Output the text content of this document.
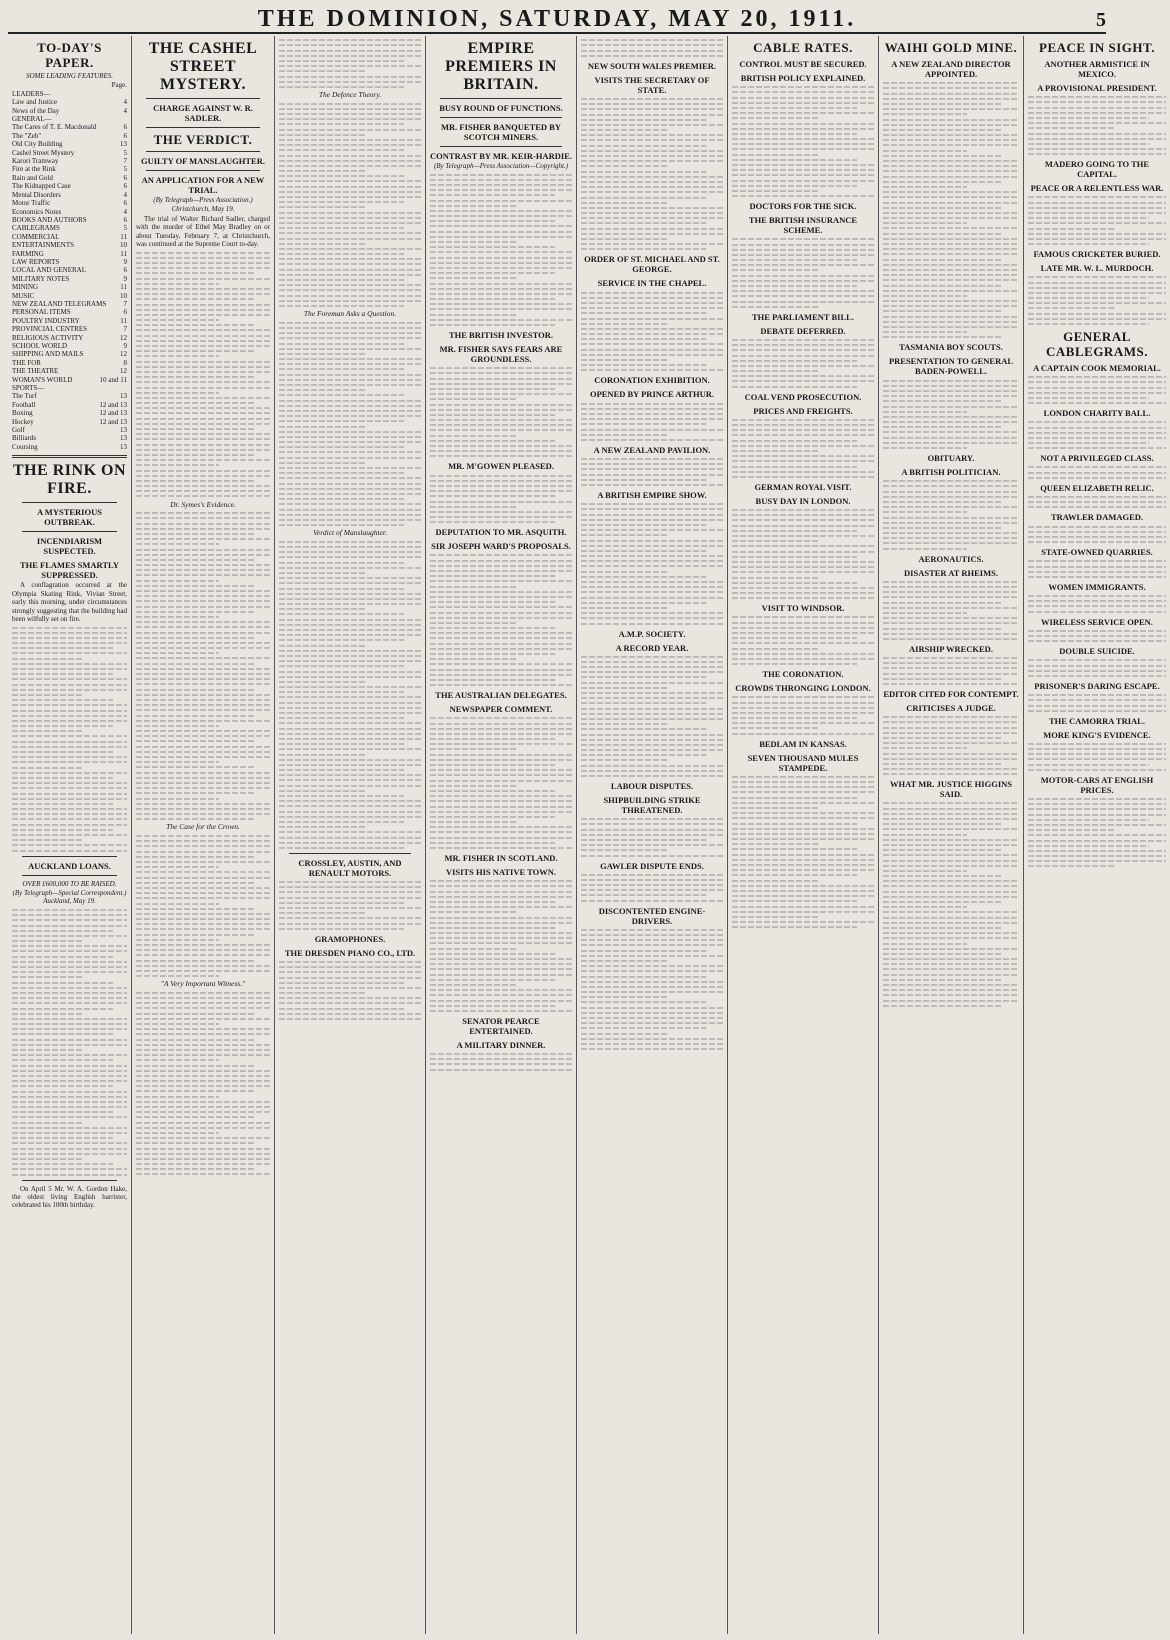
THE DOMINION, SATURDAY, MAY 20, 1911.	5
TO-DAY'S PAPER.
SOME LEADING FEATURES.
Page.
LEADERS—
Law and Justice	4
News of the Day	4
GENERAL—
The Cares of T. E. Macdonald	6
The "Zeb"	6
Old City Building	13
Cashel Street Mystery	5
Karori Tramway	7
Fire at the Rink	5
Rain and Gold	6
The Kidnapped Case	6
Mental Disorders	4
Motor Traffic	6
Economics Notes	4
BOOKS AND AUTHORS	6
CABLEGRAMS	5
COMMERCIAL	11
ENTERTAINMENTS	10
FARMING	11
LAW REPORTS	9
LOCAL AND GENERAL	6
MILITARY NOTES	9
MINING	11
MUSIC	10
NEW ZEALAND TELEGRAMS 7
PERSONAL ITEMS	6
POULTRY INDUSTRY	11
PROVINCIAL CENTRES	7
RELIGIOUS ACTIVITY	12
SCHOOL WORLD	9
SHIPPING AND MAILS	12
THE FOR	8
THE THEATRE	12
WOMAN'S WORLD	10 and 11
SPORTS—
The Turf	13
Football	12 and 13
Boxing	12 and 13
Hockey	12 and 13
Golf	13
Billiards	13
Coursing	13
THE RINK ON FIRE.
A MYSTERIOUS OUTBREAK.
INCENDIARISM SUSPECTED.
THE FLAMES SMARTLY SUPPRESSED.

A conflagration occurred at the Olympia Skating Rink, Vivian Street, early this morning, under circumstances strongly suggesting that the building had been wilfully set on fire.

AUCKLAND LOANS.
OVER £600,000 TO BE RAISED.
(By Telegraph—Special Correspondent.) Auckland, May 19.

On April 5 Mr. W. A. Gordon Hake, the oldest living English barrister, celebrated his 100th birthday.

THE CASHEL STREET MYSTERY.
CHARGE AGAINST W. R. SADLER.
THE VERDICT.
GUILTY OF MANSLAUGHTER.
AN APPLICATION FOR A NEW TRIAL.
(By Telegraph—Press Association.)
Christchurch, May 19.

The trial of Walter Richard Sadler, charged with the murder of Ethel May Bradley on or about Tuesday, February 7, at Christchurch, was continued at the Supreme Court to-day.

Dr. Symes's Evidence.
The Case for the Crown.
"A Very Important Witness."
The Defence Theory.
The Foreman Asks a Question.
Verdict of Manslaughter.
CROSSLEY, AUSTIN, AND RENAULT MOTORS.
GRAMOPHONES.
THE DRESDEN PIANO CO., LTD.
EMPIRE PREMIERS IN BRITAIN.
BUSY ROUND OF FUNCTIONS.
MR. FISHER BANQUETED BY SCOTCH MINERS.
CONTRAST BY MR. KEIR-HARDIE.
(By Telegraph—Press Association—Copyright.)
THE BRITISH INVESTOR.
MR. FISHER SAYS FEARS ARE GROUNDLESS.
MR. M'GOWEN PLEASED.
DEPUTATION TO MR. ASQUITH.
SIR JOSEPH WARD'S PROPOSALS.
THE AUSTRALIAN DELEGATES.
NEWSPAPER COMMENT.
MR. FISHER IN SCOTLAND.
VISITS HIS NATIVE TOWN.
SENATOR PEARCE ENTERTAINED.
A MILITARY DINNER.
NEW SOUTH WALES PREMIER.
VISITS THE SECRETARY OF STATE.
ORDER OF ST. MICHAEL AND ST. GEORGE.
SERVICE IN THE CHAPEL.
CORONATION EXHIBITION.
OPENED BY PRINCE ARTHUR.
A NEW ZEALAND PAVILION.
A BRITISH EMPIRE SHOW.
A.M.P. SOCIETY.
A RECORD YEAR.
LABOUR DISPUTES.
SHIPBUILDING STRIKE THREATENED.
GAWLER DISPUTE ENDS.
DISCONTENTED ENGINE-DRIVERS.
CABLE RATES.
CONTROL MUST BE SECURED.
BRITISH POLICY EXPLAINED.
DOCTORS FOR THE SICK.
THE BRITISH INSURANCE SCHEME.
THE PARLIAMENT BILL.
DEBATE DEFERRED.
COAL VEND PROSECUTION.
PRICES AND FREIGHTS.
GERMAN ROYAL VISIT.
BUSY DAY IN LONDON.
VISIT TO WINDSOR.
THE CORONATION.
CROWDS THRONGING LONDON.
BEDLAM IN KANSAS.
SEVEN THOUSAND MULES STAMPEDE.
WAIHI GOLD MINE.
A NEW ZEALAND DIRECTOR APPOINTED.
TASMANIA BOY SCOUTS.
PRESENTATION TO GENERAL BADEN-POWELL.
OBITUARY.
A BRITISH POLITICIAN.
AERONAUTICS.
DISASTER AT RHEIMS.
AIRSHIP WRECKED.
EDITOR CITED FOR CONTEMPT.
CRITICISES A JUDGE.
WHAT MR. JUSTICE HIGGINS SAID.
PEACE IN SIGHT.
ANOTHER ARMISTICE IN MEXICO.
A PROVISIONAL PRESIDENT.
MADERO GOING TO THE CAPITAL.
PEACE OR A RELENTLESS WAR.
FAMOUS CRICKETER BURIED.
LATE MR. W. L. MURDOCH.
GENERAL CABLEGRAMS.
A CAPTAIN COOK MEMORIAL.
LONDON CHARITY BALL.
NOT A PRIVILEGED CLASS.
QUEEN ELIZABETH RELIC.
TRAWLER DAMAGED.
STATE-OWNED QUARRIES.
WOMEN IMMIGRANTS.
WIRELESS SERVICE OPEN.
DOUBLE SUICIDE.
PRISONER'S DARING ESCAPE.
THE CAMORRA TRIAL.
MORE KING'S EVIDENCE.
MOTOR-CARS AT ENGLISH PRICES.
